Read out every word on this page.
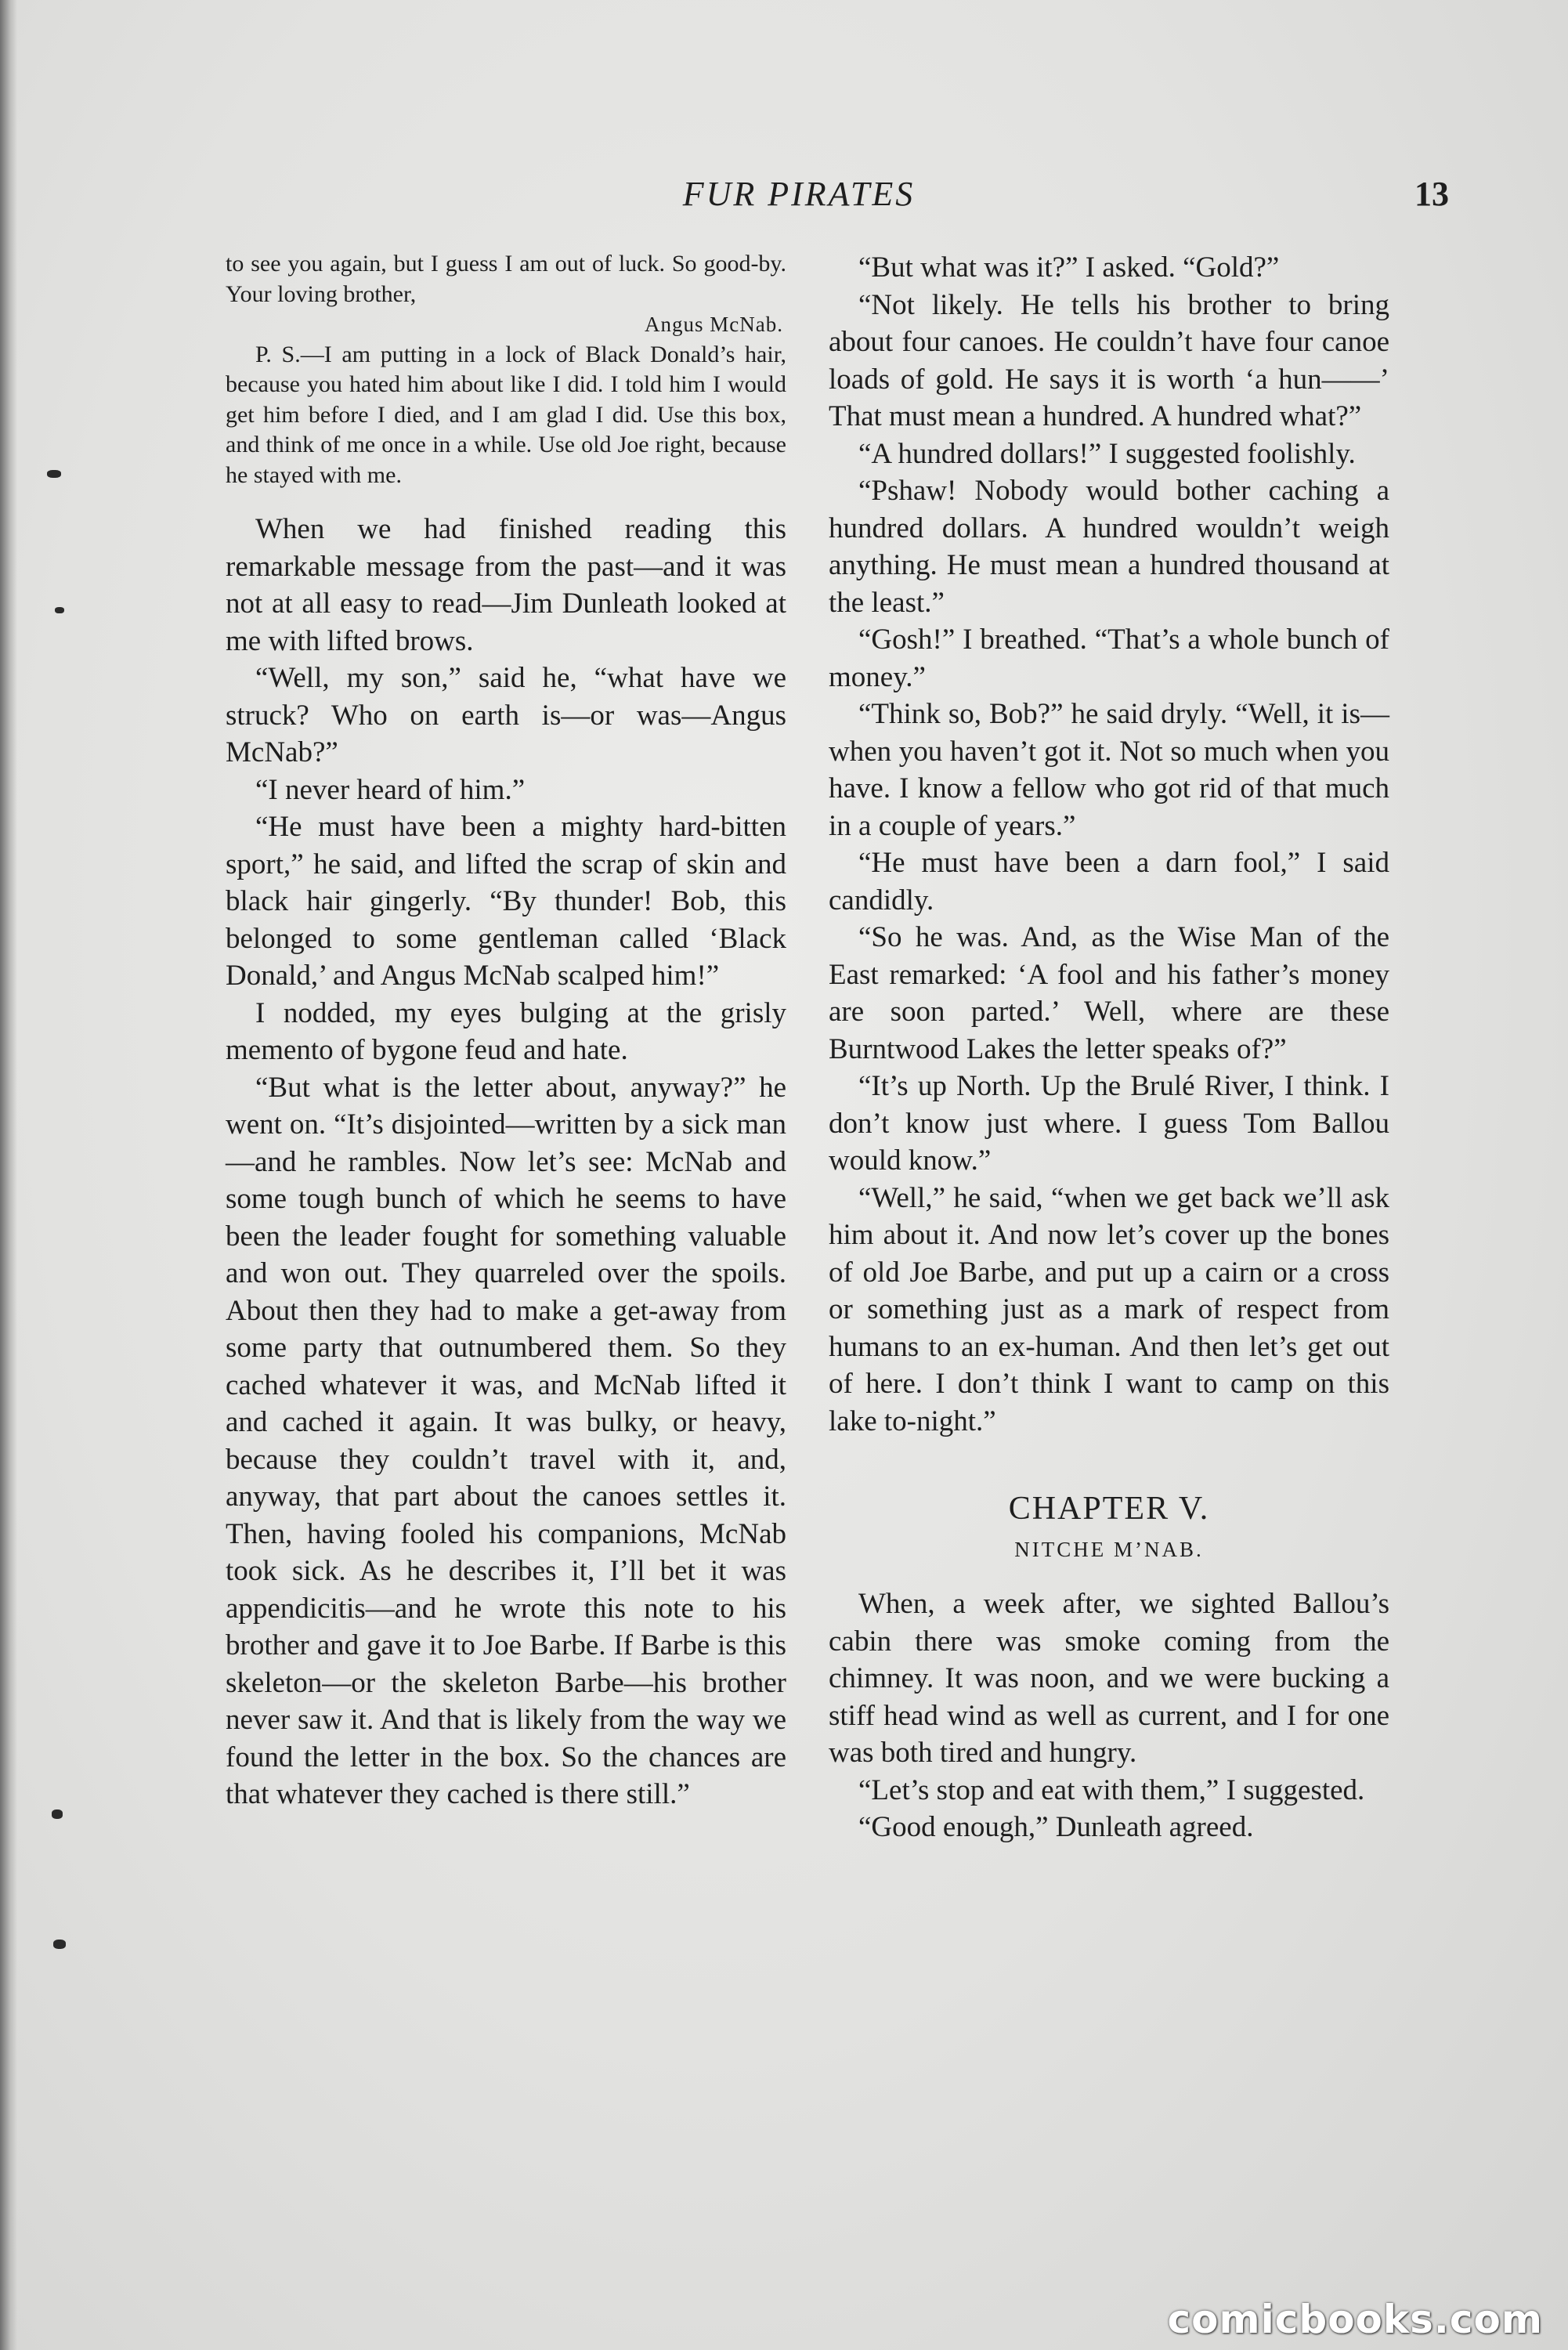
FUR PIRATES	13

to see you again, but I guess I am out of luck. So good-by. Your loving brother,

Angus McNab.

P. S.—I am putting in a lock of Black Donald’s hair, because you hated him about like I did. I told him I would get him before I died, and I am glad I did. Use this box, and think of me once in a while. Use old Joe right, because he stayed with me.

When we had finished reading this remarkable message from the past—and it was not at all easy to read—Jim Dunleath looked at me with lifted brows.

“Well, my son,” said he, “what have we struck? Who on earth is—or was—Angus McNab?”

“I never heard of him.”

“He must have been a mighty hard-bitten sport,” he said, and lifted the scrap of skin and black hair gingerly. “By thunder! Bob, this belonged to some gentleman called ‘Black Donald,’ and Angus McNab scalped him!”

I nodded, my eyes bulging at the grisly memento of bygone feud and hate.

“But what is the letter about, anyway?” he went on. “It’s disjointed—written by a sick man—and he rambles. Now let’s see: McNab and some tough bunch of which he seems to have been the leader fought for something valuable and won out. They quarreled over the spoils. About then they had to make a get-away from some party that outnumbered them. So they cached whatever it was, and McNab lifted it and cached it again. It was bulky, or heavy, because they couldn’t travel with it, and, anyway, that part about the canoes settles it. Then, having fooled his companions, McNab took sick. As he describes it, I’ll bet it was appendicitis—and he wrote this note to his brother and gave it to Joe Barbe. If Barbe is this skeleton—or the skeleton Barbe—his brother never saw it. And that is likely from the way we found the letter in the box. So the chances are that whatever they cached is there still.”

“But what was it?” I asked. “Gold?”

“Not likely. He tells his brother to bring about four canoes. He couldn’t have four canoe loads of gold. He says it is worth ‘a hun——’ That must mean a hundred. A hundred what?”

“A hundred dollars!” I suggested foolishly.

“Pshaw! Nobody would bother caching a hundred dollars. A hundred wouldn’t weigh anything. He must mean a hundred thousand at the least.”

“Gosh!” I breathed. “That’s a whole bunch of money.”

“Think so, Bob?” he said dryly. “Well, it is—when you haven’t got it. Not so much when you have. I know a fellow who got rid of that much in a couple of years.”

“He must have been a darn fool,” I said candidly.

“So he was. And, as the Wise Man of the East remarked: ‘A fool and his father’s money are soon parted.’ Well, where are these Burntwood Lakes the letter speaks of?”

“It’s up North. Up the Brulé River, I think. I don’t know just where. I guess Tom Ballou would know.”

“Well,” he said, “when we get back we’ll ask him about it. And now let’s cover up the bones of old Joe Barbe, and put up a cairn or a cross or something just as a mark of respect from humans to an ex-human. And then let’s get out of here. I don’t think I want to camp on this lake to-night.”

CHAPTER V.
NITCHE M’NAB.

When, a week after, we sighted Ballou’s cabin there was smoke coming from the chimney. It was noon, and we were bucking a stiff head wind as well as current, and I for one was both tired and hungry.

“Let’s stop and eat with them,” I suggested.

“Good enough,” Dunleath agreed.

comicbooks.com
